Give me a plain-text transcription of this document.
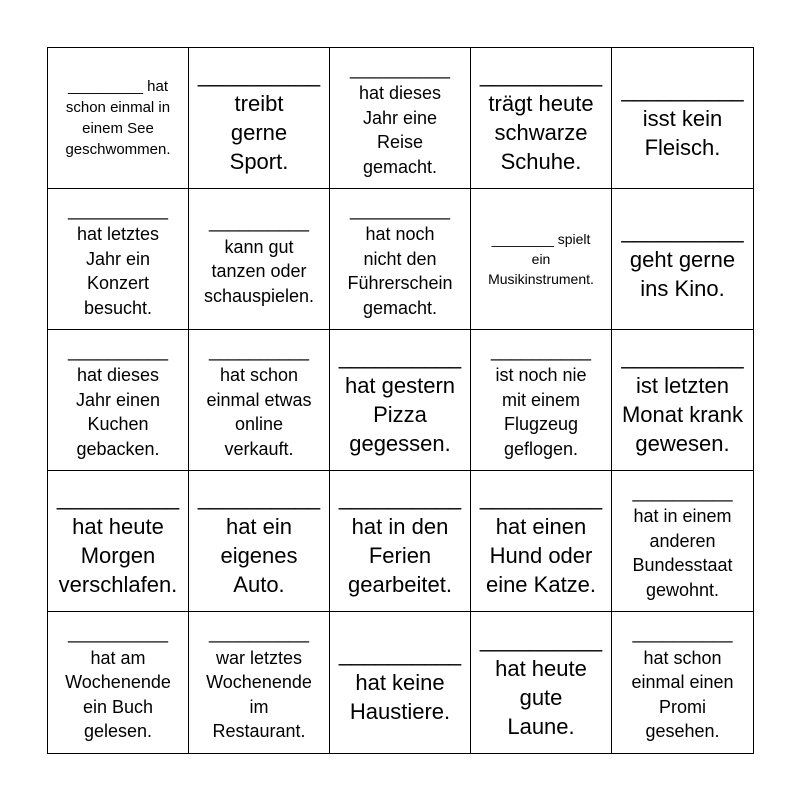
_________ hat
schon einmal in
einem See
geschwommen.
__________
treibt
gerne
Sport.
__________
hat dieses
Jahr eine
Reise
gemacht.
__________
trägt heute
schwarze
Schuhe.
__________
isst kein
Fleisch.
__________
hat letztes
Jahr ein
Konzert
besucht.
__________
kann gut
tanzen oder
schauspielen.
__________
hat noch
nicht den
Führerschein
gemacht.
________ spielt
ein
Musikinstrument.
__________
geht gerne
ins Kino.
__________
hat dieses
Jahr einen
Kuchen
gebacken.
__________
hat schon
einmal etwas
online
verkauft.
__________
hat gestern
Pizza
gegessen.
__________
ist noch nie
mit einem
Flugzeug
geflogen.
__________
ist letzten
Monat krank
gewesen.
__________
hat heute
Morgen
verschlafen.
__________
hat ein
eigenes
Auto.
__________
hat in den
Ferien
gearbeitet.
__________
hat einen
Hund oder
eine Katze.
__________
hat in einem
anderen
Bundesstaat
gewohnt.
__________
hat am
Wochenende
ein Buch
gelesen.
__________
war letztes
Wochenende
im
Restaurant.
__________
hat keine
Haustiere.
__________
hat heute
gute
Laune.
__________
hat schon
einmal einen
Promi
gesehen.
